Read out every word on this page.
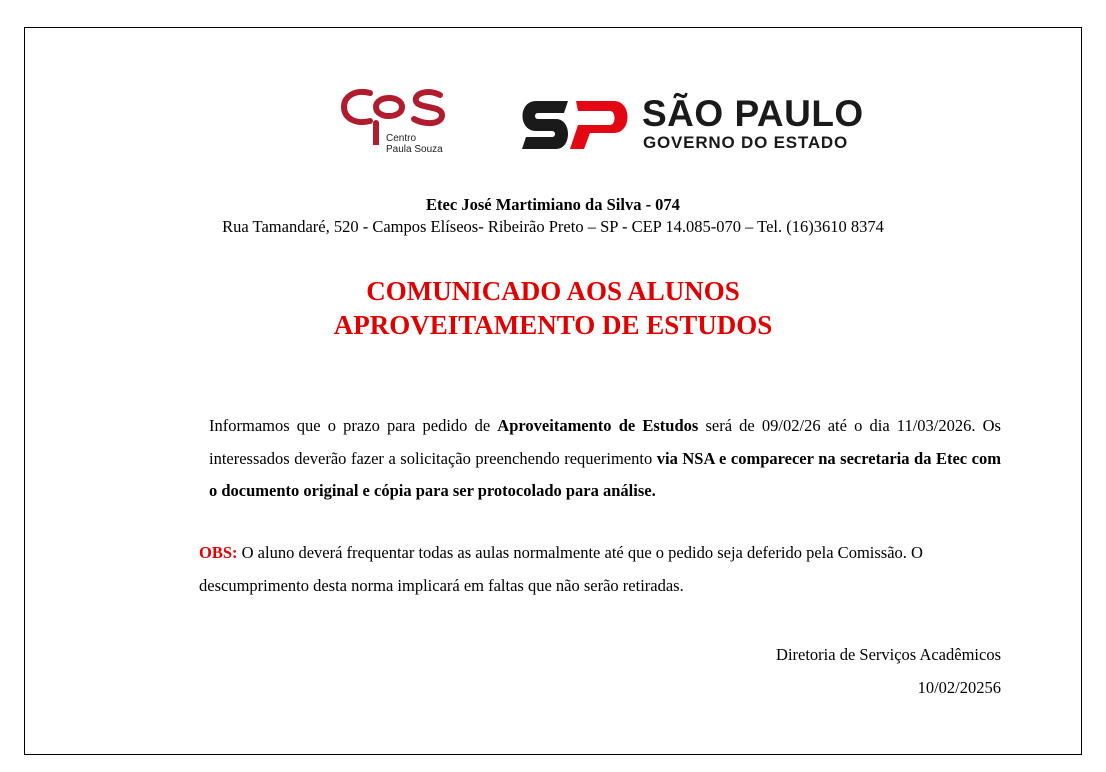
Centro
Paula Souza
SÃO PAULO
GOVERNO DO ESTADO
Etec José Martimiano da Silva - 074
Rua Tamandaré, 520 - Campos Elíseos- Ribeirão Preto – SP - CEP 14.085-070 – Tel. (16)3610 8374
COMUNICADO AOS ALUNOS
APROVEITAMENTO DE ESTUDOS
Informamos que o prazo para pedido de Aproveitamento de Estudos será de 09/02/26 até o dia 11/03/2026. Os interessados deverão fazer a solicitação preenchendo requerimento via NSA e comparecer na secretaria da Etec com o documento original e cópia para ser protocolado para análise.
OBS: O aluno deverá frequentar todas as aulas normalmente até que o pedido seja deferido pela Comissão. O descumprimento desta norma implicará em faltas que não serão retiradas.
Diretoria de Serviços Acadêmicos
10/02/20256
